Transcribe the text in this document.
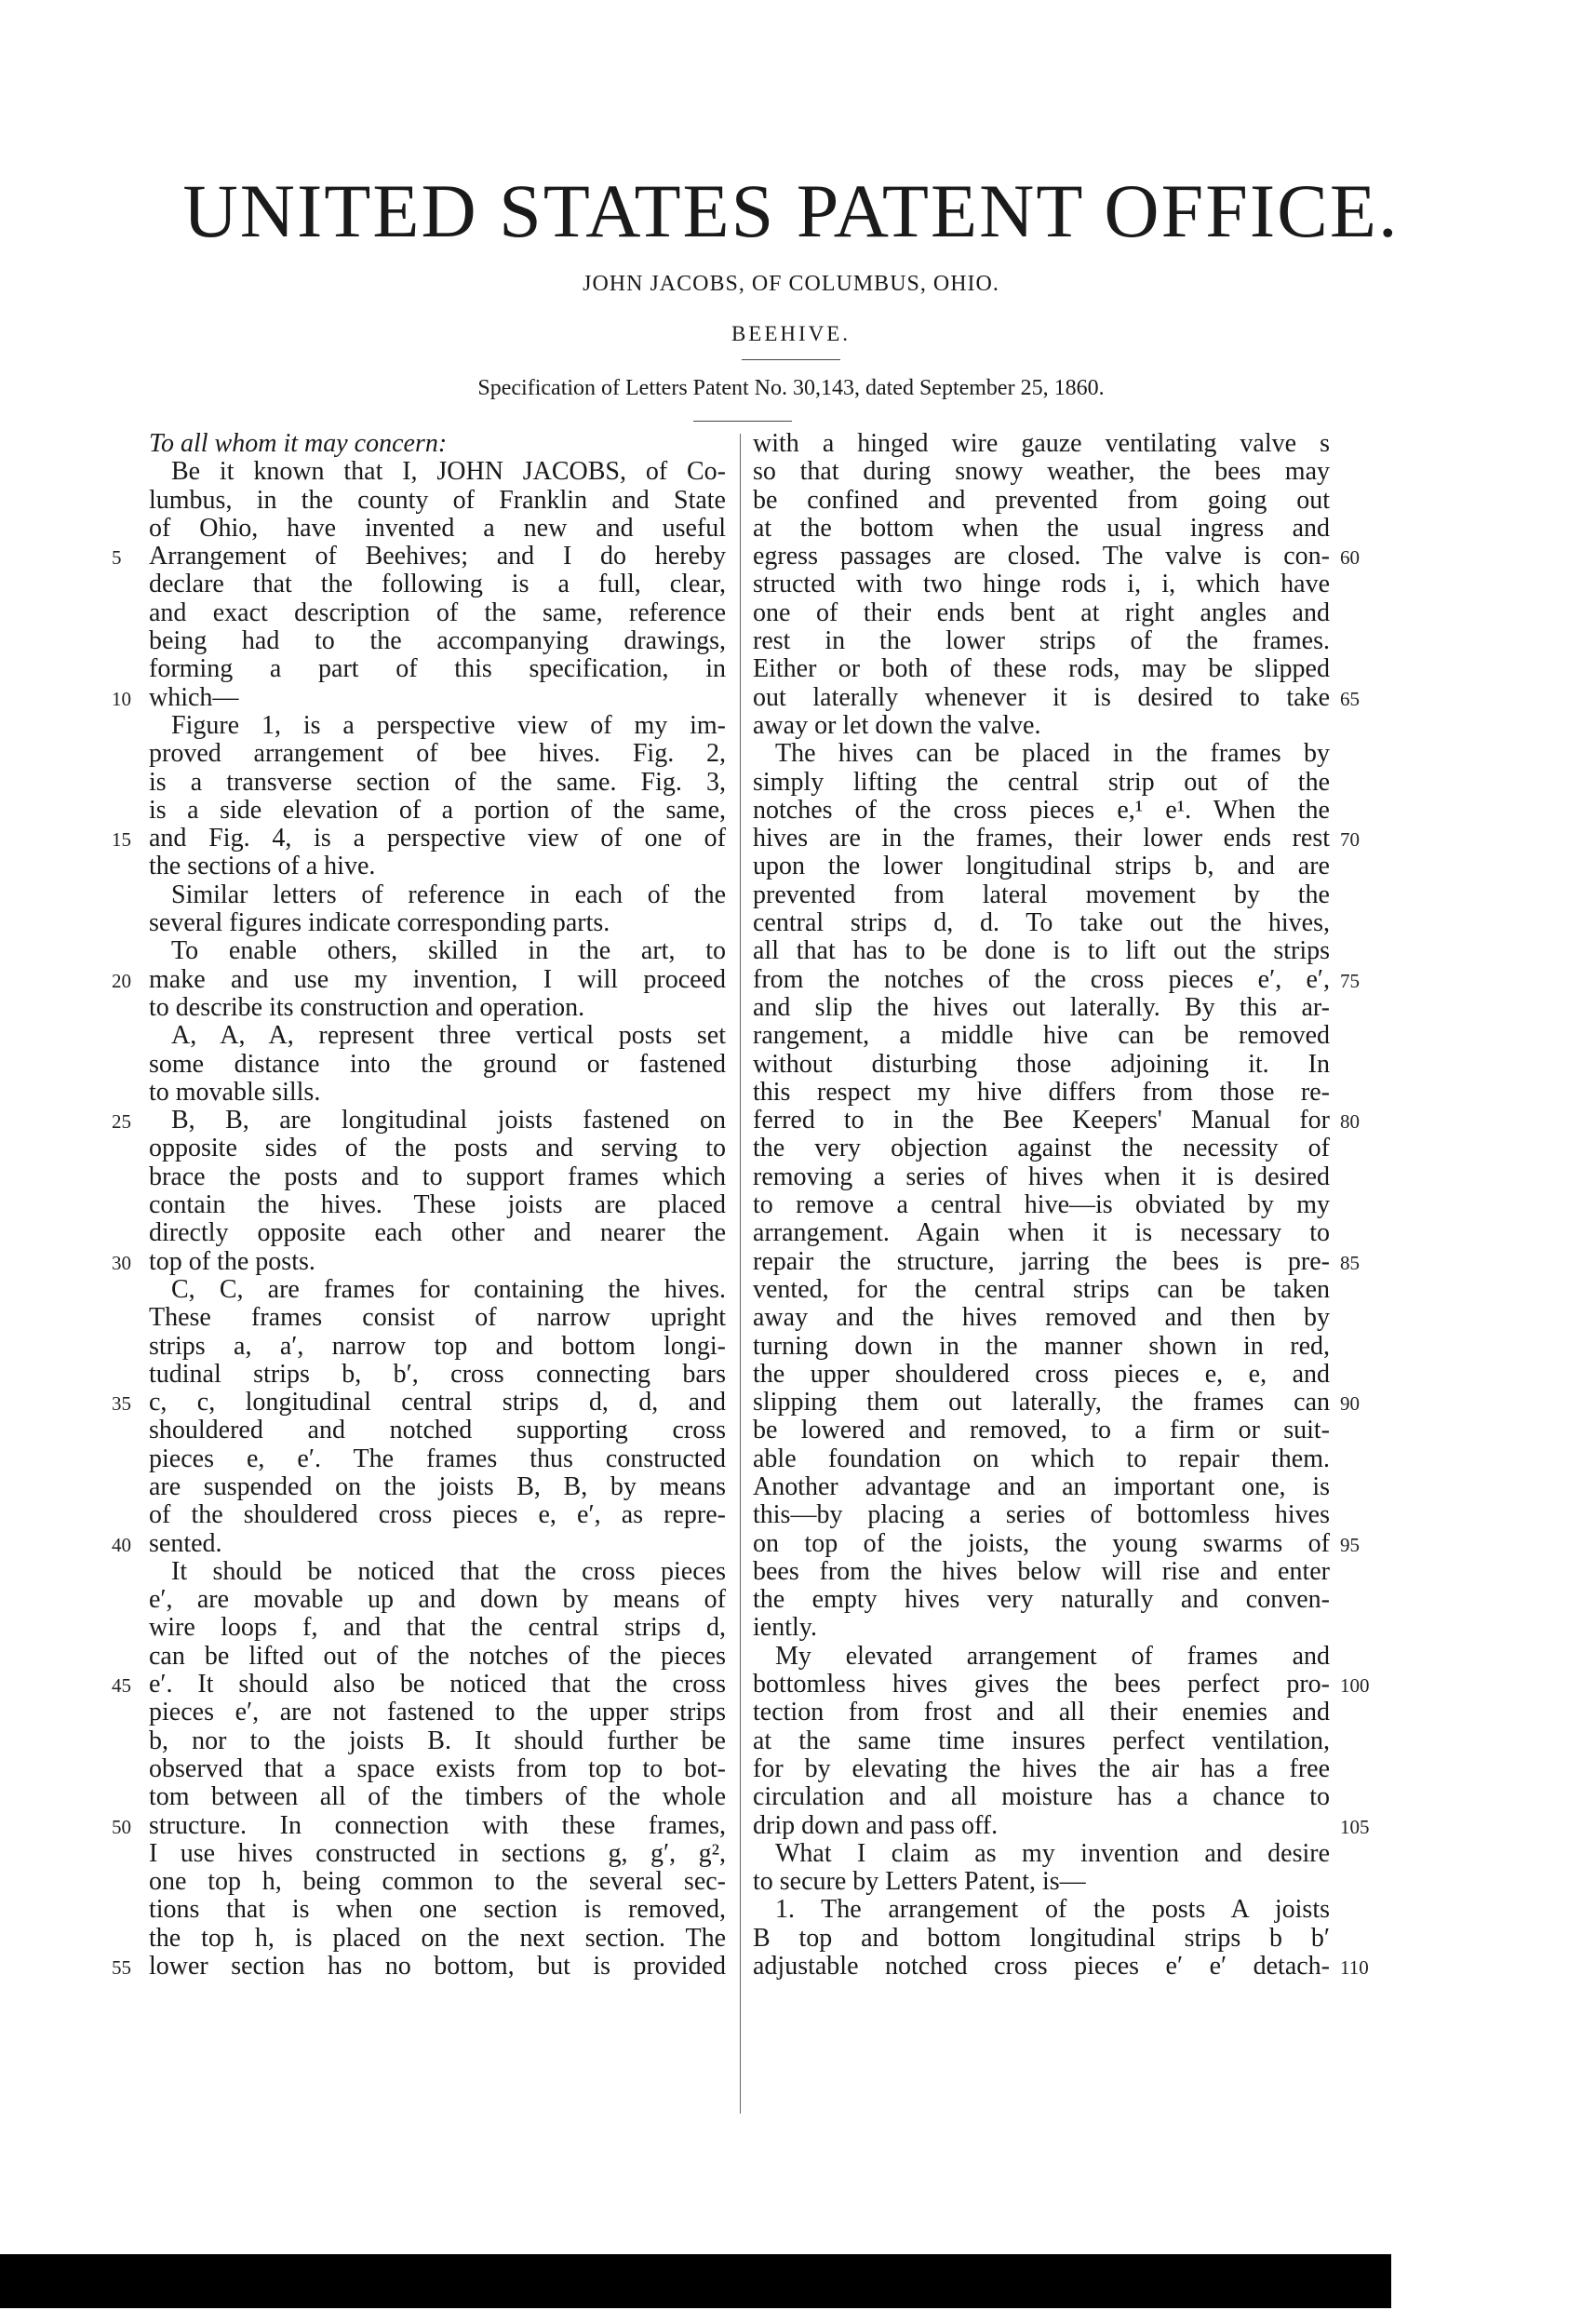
UNITED STATES PATENT OFFICE.
JOHN JACOBS, OF COLUMBUS, OHIO.
BEEHIVE.
Specification of Letters Patent No. 30,143, dated September 25, 1860.
To all whom it may concern:
Be it known that I, JOHN JACOBS, of Co-
lumbus, in the county of Franklin and State
of Ohio, have invented a new and useful
Arrangement of Beehives; and I do hereby
declare that the following is a full, clear,
and exact description of the same, reference
being had to the accompanying drawings,
forming a part of this specification, in
which—
Figure 1, is a perspective view of my im-
proved arrangement of bee hives. Fig. 2,
is a transverse section of the same. Fig. 3,
is a side elevation of a portion of the same,
and Fig. 4, is a perspective view of one of
the sections of a hive.
Similar letters of reference in each of the
several figures indicate corresponding parts.
To enable others, skilled in the art, to
make and use my invention, I will proceed
to describe its construction and operation.
A, A, A, represent three vertical posts set
some distance into the ground or fastened
to movable sills.
B, B, are longitudinal joists fastened on
opposite sides of the posts and serving to
brace the posts and to support frames which
contain the hives. These joists are placed
directly opposite each other and nearer the
top of the posts.
C, C, are frames for containing the hives.
These frames consist of narrow upright
strips a, a′, narrow top and bottom longi-
tudinal strips b, b′, cross connecting bars
c, c, longitudinal central strips d, d, and
shouldered and notched supporting cross
pieces e, e′. The frames thus constructed
are suspended on the joists B, B, by means
of the shouldered cross pieces e, e′, as repre-
sented.
It should be noticed that the cross pieces
e′, are movable up and down by means of
wire loops f, and that the central strips d,
can be lifted out of the notches of the pieces
e′. It should also be noticed that the cross
pieces e′, are not fastened to the upper strips
b, nor to the joists B. It should further be
observed that a space exists from top to bot-
tom between all of the timbers of the whole
structure. In connection with these frames,
I use hives constructed in sections g, g′, g²,
one top h, being common to the several sec-
tions that is when one section is removed,
the top h, is placed on the next section. The
lower section has no bottom, but is provided
with a hinged wire gauze ventilating valve s
so that during snowy weather, the bees may
be confined and prevented from going out
at the bottom when the usual ingress and
egress passages are closed. The valve is con-
structed with two hinge rods i, i, which have
one of their ends bent at right angles and
rest in the lower strips of the frames.
Either or both of these rods, may be slipped
out laterally whenever it is desired to take
away or let down the valve.
The hives can be placed in the frames by
simply lifting the central strip out of the
notches of the cross pieces e,¹ e¹. When the
hives are in the frames, their lower ends rest
upon the lower longitudinal strips b, and are
prevented from lateral movement by the
central strips d, d. To take out the hives,
all that has to be done is to lift out the strips
from the notches of the cross pieces e′, e′,
and slip the hives out laterally. By this ar-
rangement, a middle hive can be removed
without disturbing those adjoining it. In
this respect my hive differs from those re-
ferred to in the Bee Keepers' Manual for
the very objection against the necessity of
removing a series of hives when it is desired
to remove a central hive—is obviated by my
arrangement. Again when it is necessary to
repair the structure, jarring the bees is pre-
vented, for the central strips can be taken
away and the hives removed and then by
turning down in the manner shown in red,
the upper shouldered cross pieces e, e, and
slipping them out laterally, the frames can
be lowered and removed, to a firm or suit-
able foundation on which to repair them.
Another advantage and an important one, is
this—by placing a series of bottomless hives
on top of the joists, the young swarms of
bees from the hives below will rise and enter
the empty hives very naturally and conven-
iently.
My elevated arrangement of frames and
bottomless hives gives the bees perfect pro-
tection from frost and all their enemies and
at the same time insures perfect ventilation,
for by elevating the hives the air has a free
circulation and all moisture has a chance to
drip down and pass off.
What I claim as my invention and desire
to secure by Letters Patent, is—
1. The arrangement of the posts A joists
B top and bottom longitudinal strips b b′
adjustable notched cross pieces e′ e′ detach-
5
10
15
20
25
30
35
40
45
50
55
60
65
70
75
80
85
90
95
100
105
110
